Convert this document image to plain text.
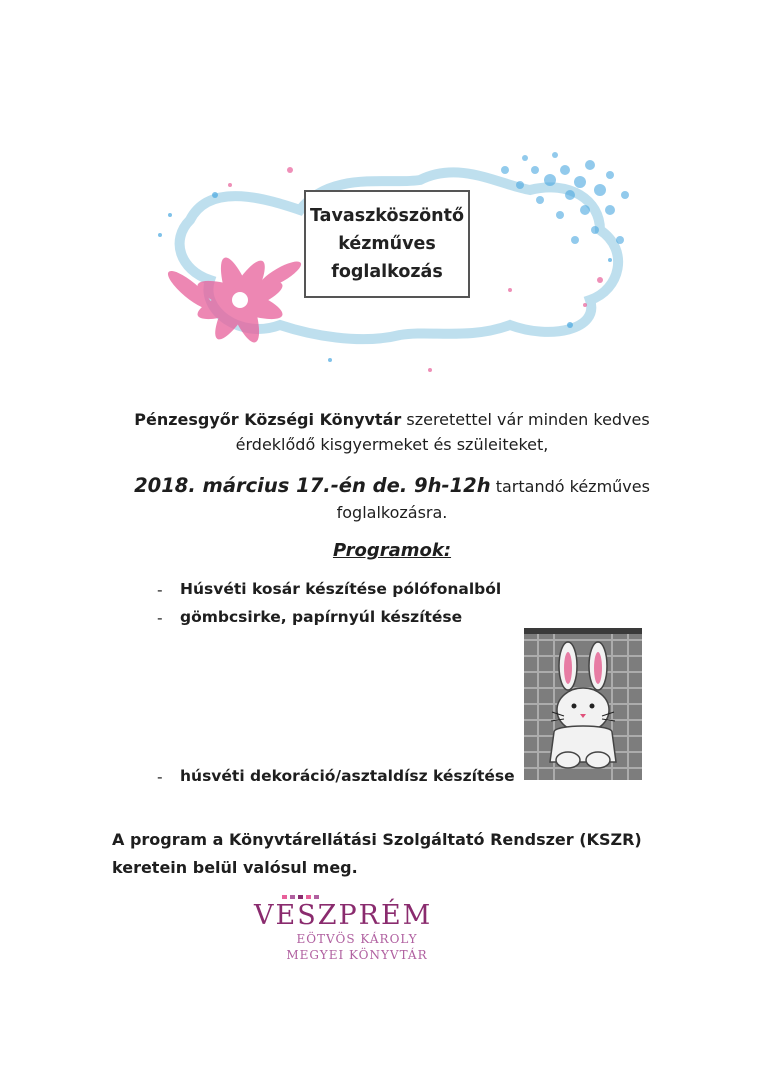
Tavaszköszöntő
kézműves
foglalkozás
Pénzesgyőr Községi Könyvtár szeretettel vár minden kedves
érdeklődő kisgyermeket és szüleiteket,
2018. március 17.-én de. 9h-12h tartandó kézműves
foglalkozásra.
Programok:
- Húsvéti kosár készítése pólófonalból
- gömbcsirke, papírnyúl készítése
- húsvéti dekoráció/asztaldísz készítése
A program a Könyvtárellátási Szolgáltató Rendszer (KSZR) keretein belül valósul meg.
VESZPRÉM
EÖTVÖS KÁROLY
MEGYEI KÖNYVTÁR
